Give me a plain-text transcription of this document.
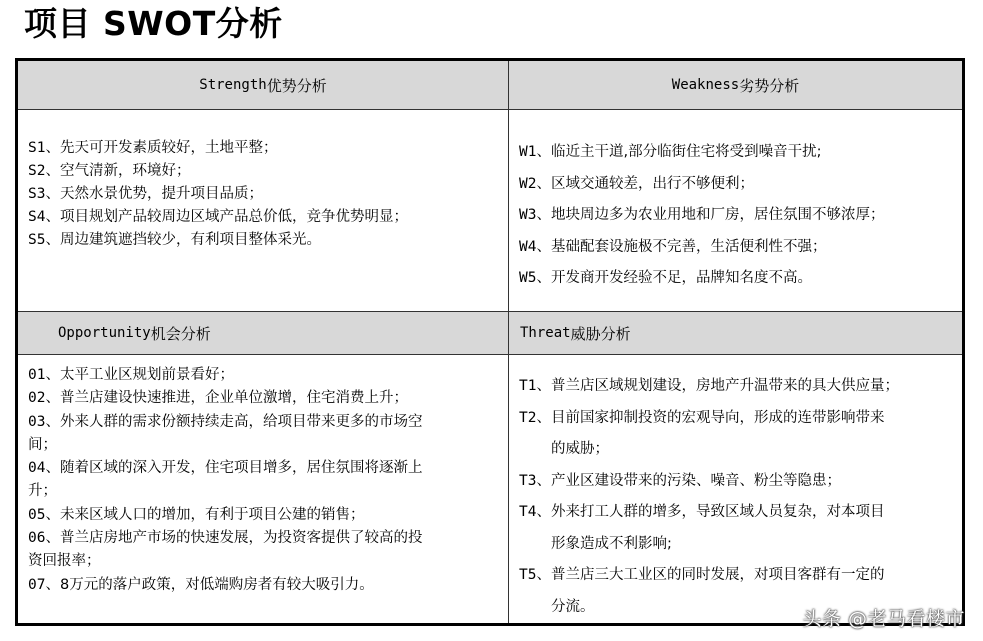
项目 SWOT分析
Strength 优势分析	Weakness 劣势分析
Opportunity 机会分析	Threat 威胁分析
S1、先天可开发素质较好，土地平整；
S2、空气清新，环境好；
S3、天然水景优势，提升项目品质；
S4、项目规划产品较周边区域产品总价低，竞争优势明显；
S5、周边建筑遮挡较少，有利项目整体采光。
W1、临近主干道,部分临街住宅将受到噪音干扰;
W2、区域交通较差，出行不够便利；
W3、地块周边多为农业用地和厂房，居住氛围不够浓厚；
W4、基础配套设施极不完善，生活便利性不强；
W5、开发商开发经验不足，品牌知名度不高。
01、太平工业区规划前景看好；
02、普兰店建设快速推进，企业单位激增，住宅消费上升；
03、外来人群的需求份额持续走高，给项目带来更多的市场空
间；
04、随着区域的深入开发，住宅项目增多，居住氛围将逐渐上
升；
05、未来区域人口的增加，有利于项目公建的销售；
06、普兰店房地产市场的快速发展，为投资客提供了较高的投
资回报率；
07、8万元的落户政策，对低端购房者有较大吸引力。
T1、普兰店区域规划建设，房地产升温带来的具大供应量；
T2、目前国家抑制投资的宏观导向，形成的连带影响带来
的威胁；
T3、产业区建设带来的污染、噪音、粉尘等隐患；
T4、外来打工人群的增多，导致区域人员复杂，对本项目
形象造成不利影响;
T5、普兰店三大工业区的同时发展，对项目客群有一定的
分流。
头条 @老马看楼市
